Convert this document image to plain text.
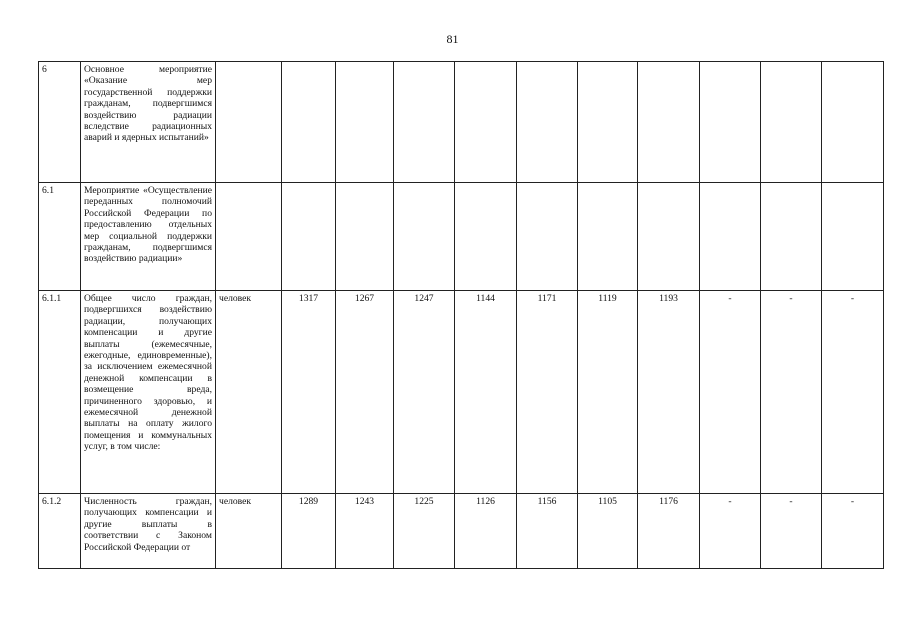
81
6	Основное мероприятие «Оказание мер государственной поддержки гражданам, подвергшимся воздействию радиации вследствие радиационных аварий и ядерных испытаний»											
6.1	Мероприятие «Осуществление переданных полномочий Российской Федерации по предоставлению отдельных мер социальной поддержки гражданам, подвергшимся воздействию радиации»											
6.1.1	Общее число граждан, подвергшихся воздействию радиации, получающих компенсации и другие выплаты (ежемесячные, ежегодные, единовременные), за исключением ежемесячной денежной компенсации в возмещение вреда, причиненного здоровью, и ежемесячной денежной выплаты на оплату жилого помещения и коммунальных услуг, в том числе:	человек	1317	1267	1247	1144	1171	1119	1193	-	-	-
6.1.2	Численность граждан, получающих компенсации и другие выплаты в соответствии с Законом Российской Федерации от	человек	1289	1243	1225	1126	1156	1105	1176	-	-	-
